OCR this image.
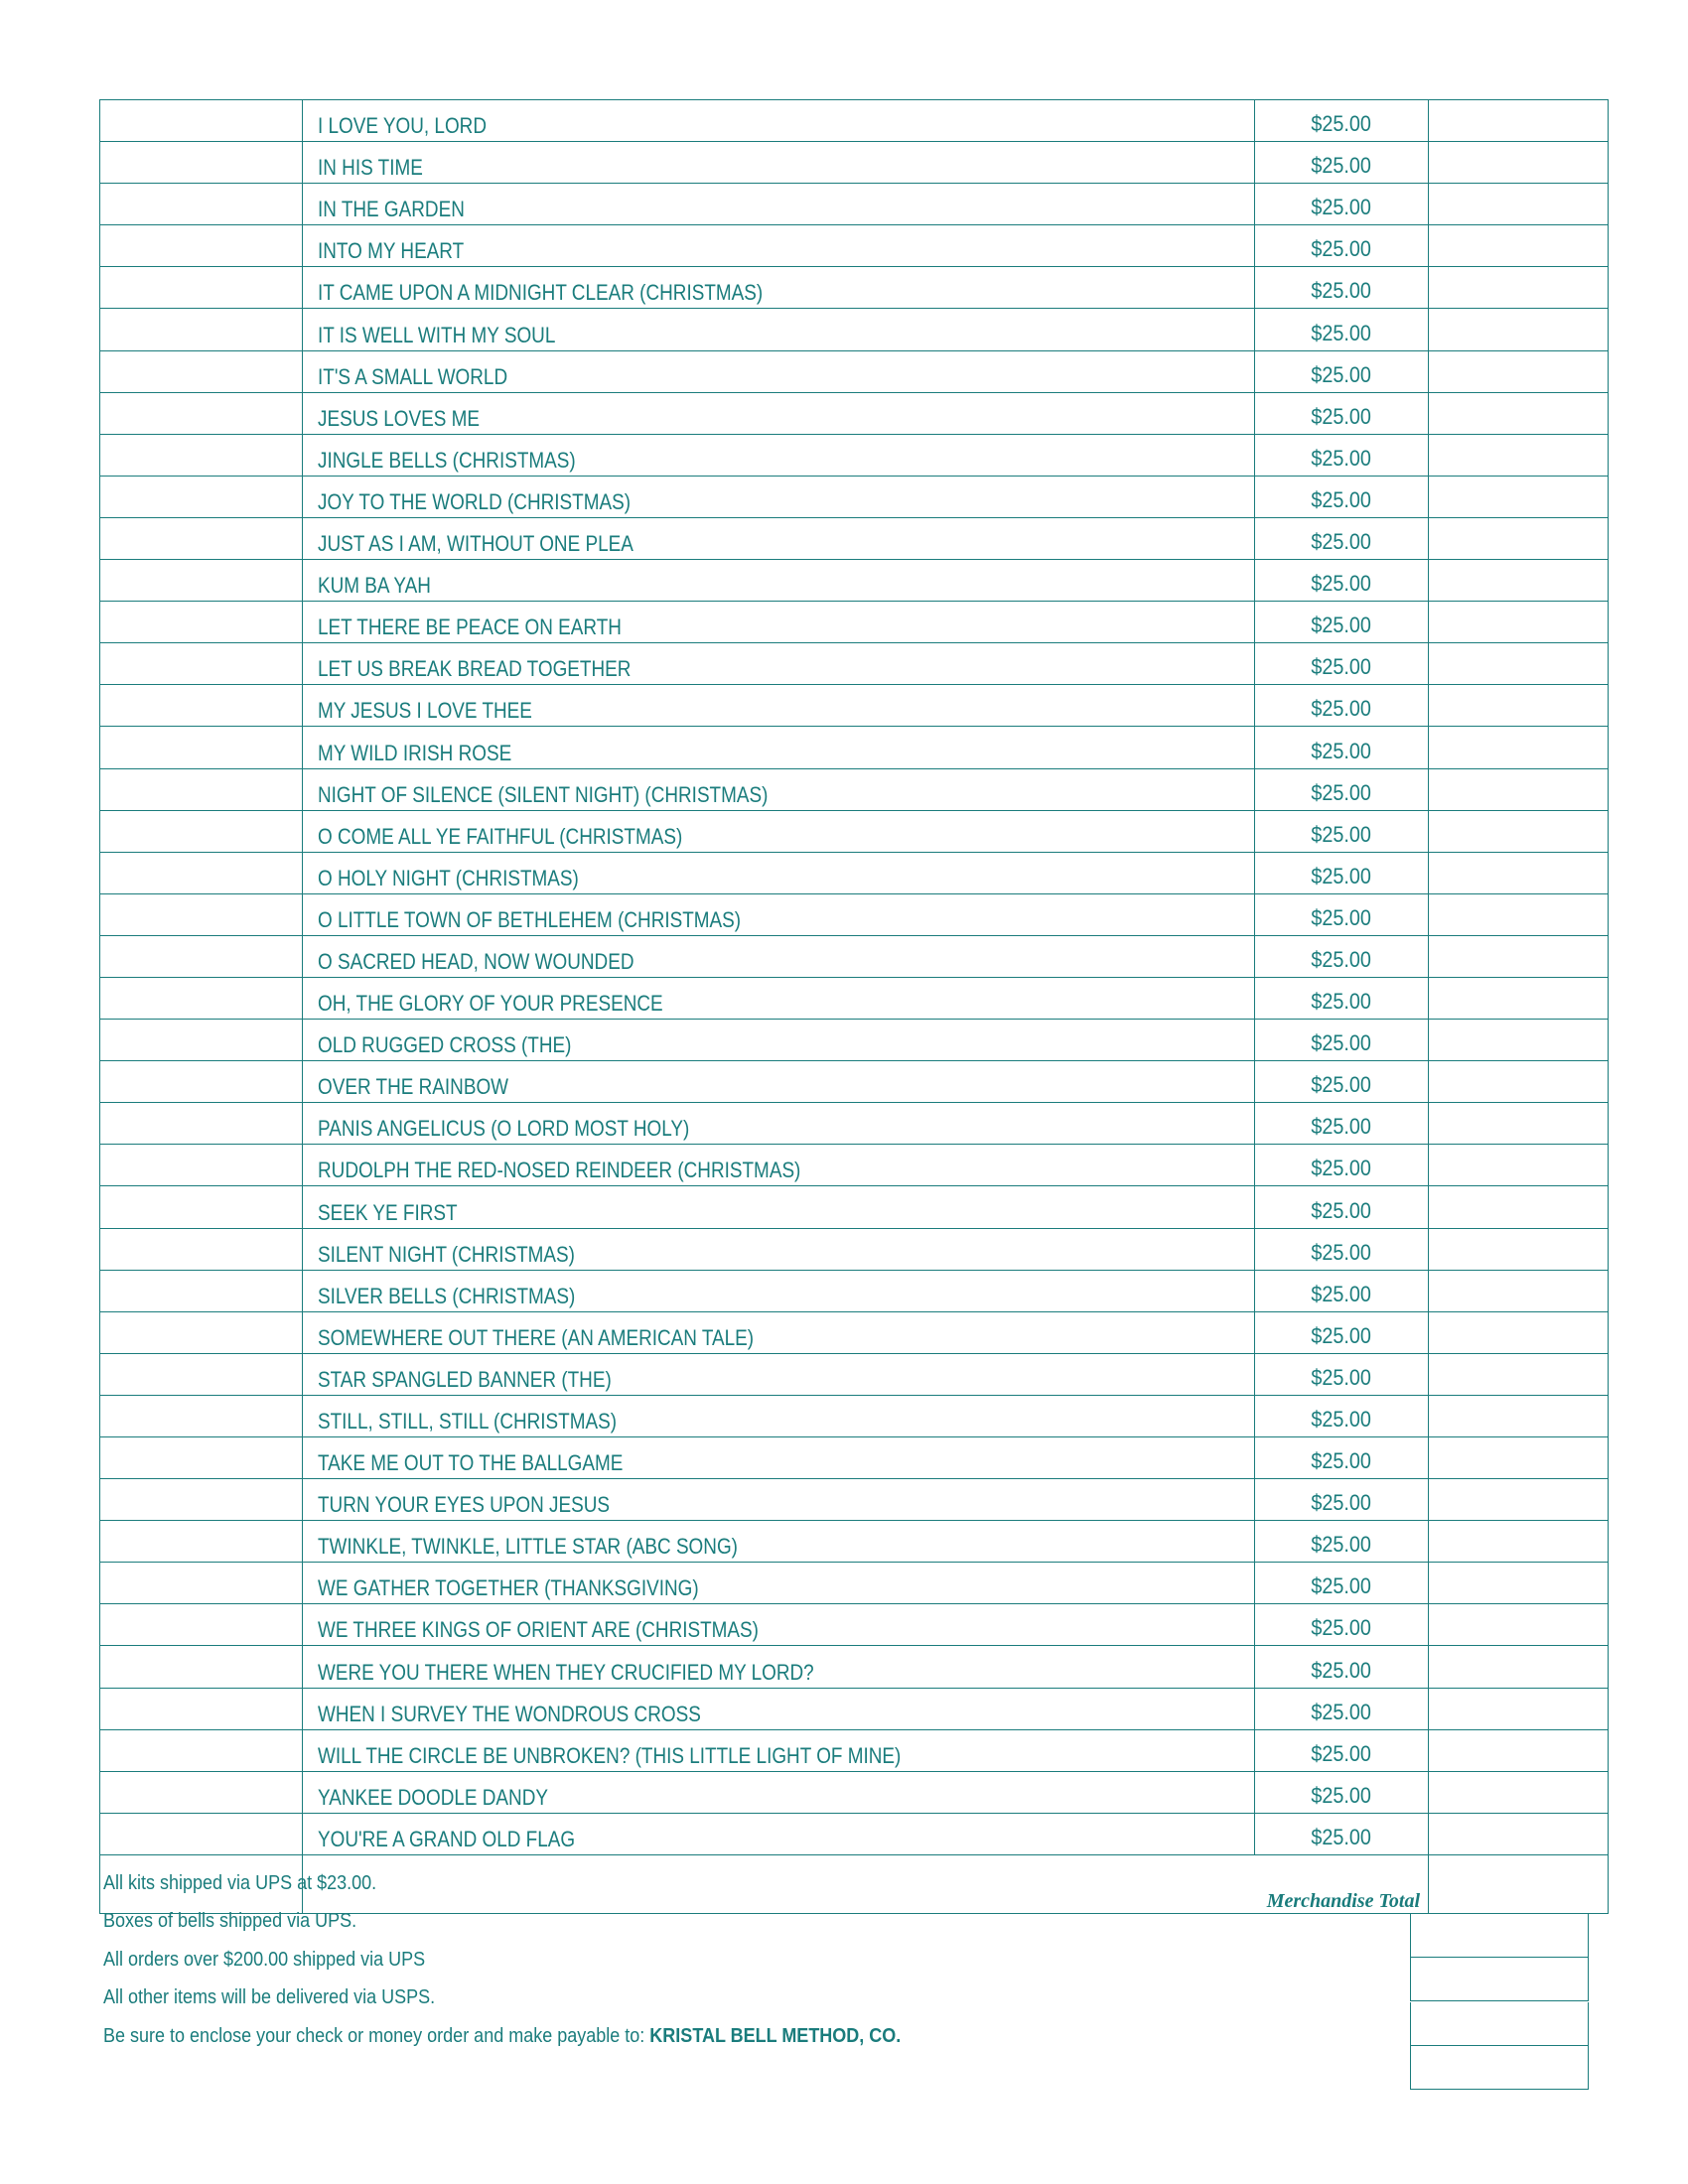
	I LOVE YOU, LORD	$25.00	
	IN HIS TIME	$25.00	
	IN THE GARDEN	$25.00	
	INTO MY HEART	$25.00	
	IT CAME UPON A MIDNIGHT CLEAR (CHRISTMAS)	$25.00	
	IT IS WELL WITH MY SOUL	$25.00	
	IT'S A SMALL WORLD	$25.00	
	JESUS LOVES ME	$25.00	
	JINGLE BELLS (CHRISTMAS)	$25.00	
	JOY TO THE WORLD (CHRISTMAS)	$25.00	
	JUST AS I AM, WITHOUT ONE PLEA	$25.00	
	KUM BA YAH	$25.00	
	LET THERE BE PEACE ON EARTH	$25.00	
	LET US BREAK BREAD TOGETHER	$25.00	
	MY JESUS I LOVE THEE	$25.00	
	MY WILD IRISH ROSE	$25.00	
	NIGHT OF SILENCE (SILENT NIGHT) (CHRISTMAS)	$25.00	
	O COME ALL YE FAITHFUL (CHRISTMAS)	$25.00	
	O HOLY NIGHT (CHRISTMAS)	$25.00	
	O LITTLE TOWN OF BETHLEHEM (CHRISTMAS)	$25.00	
	O SACRED HEAD, NOW WOUNDED	$25.00	
	OH, THE GLORY OF YOUR PRESENCE	$25.00	
	OLD RUGGED CROSS (THE)	$25.00	
	OVER THE RAINBOW	$25.00	
	PANIS ANGELICUS (O LORD MOST HOLY)	$25.00	
	RUDOLPH THE RED-NOSED REINDEER (CHRISTMAS)	$25.00	
	SEEK YE FIRST	$25.00	
	SILENT NIGHT (CHRISTMAS)	$25.00	
	SILVER BELLS (CHRISTMAS)	$25.00	
	SOMEWHERE OUT THERE (AN AMERICAN TALE)	$25.00	
	STAR SPANGLED BANNER (THE)	$25.00	
	STILL, STILL, STILL (CHRISTMAS)	$25.00	
	TAKE ME OUT TO THE BALLGAME	$25.00	
	TURN YOUR EYES UPON JESUS	$25.00	
	TWINKLE, TWINKLE, LITTLE STAR (ABC SONG)	$25.00	
	WE GATHER TOGETHER (THANKSGIVING)	$25.00	
	WE THREE KINGS OF ORIENT ARE (CHRISTMAS)	$25.00	
	WERE YOU THERE WHEN THEY CRUCIFIED MY LORD?	$25.00	
	WHEN I SURVEY THE WONDROUS CROSS	$25.00	
	WILL THE CIRCLE BE UNBROKEN? (THIS LITTLE LIGHT OF MINE)	$25.00	
	YANKEE DOODLE DANDY	$25.00	
	YOU'RE A GRAND OLD FLAG	$25.00	
	Merchandise Total		
All kits shipped via UPS at $23.00.
Boxes of bells shipped via UPS.
All orders over $200.00 shipped via UPS
All other items will be delivered via USPS.
Be sure to enclose your check or money order and make payable to: KRISTAL BELL METHOD, CO.
